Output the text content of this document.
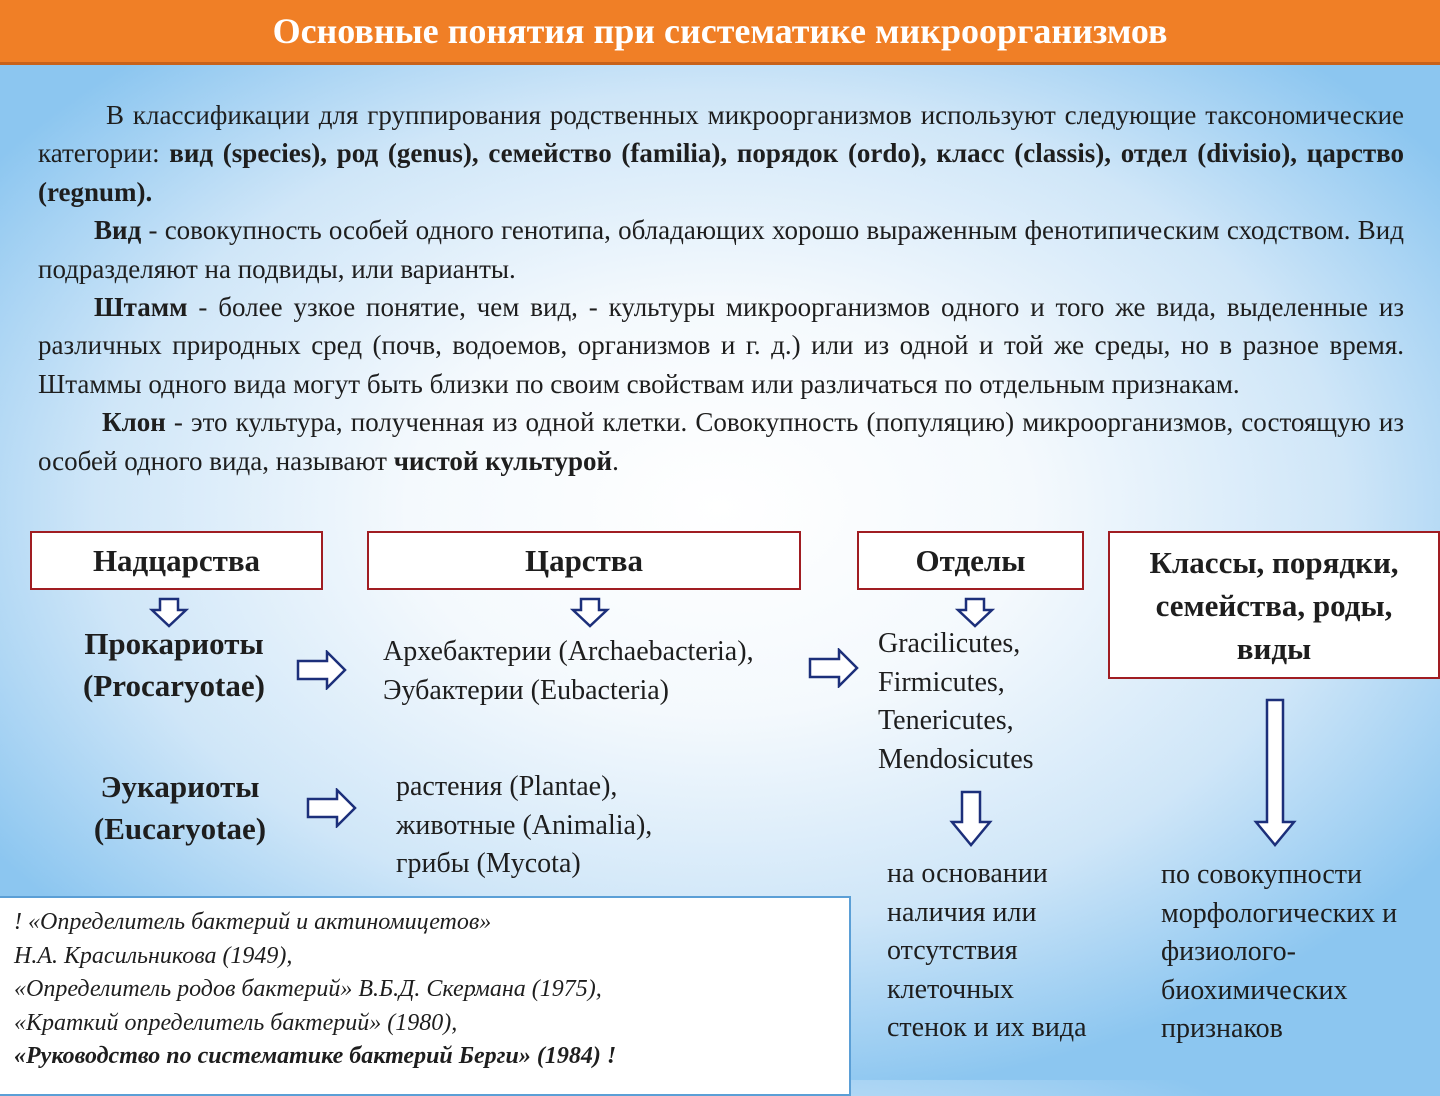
Основные понятия при систематике микроорганизмов

В классификации для группирования родственных микроорганизмов используют следующие таксономические категории: вид (species), род (genus), семейство (familia), порядок (ordo), класс (classis), отдел (divisio), царство (regnum).

Вид - совокупность особей одного генотипа, обладающих хорошо выраженным фенотипическим сходством. Вид подразделяют на подвиды, или варианты.

Штамм - более узкое понятие, чем вид, - культуры микроорганизмов одного и того же вида, выделенные из различных природных сред (почв, водоемов, организмов и г. д.) или из одной и той же среды, но в разное время. Штаммы одного вида могут быть близки по своим свойствам или различаться по отдельным признакам.

Клон - это культура, полученная из одной клетки. Совокупность (популяцию) микроорганизмов, состоящую из особей одного вида, называют чистой культурой.

Надцарства	Царства	Отделы	Классы, порядки, семейства, роды, виды
Прокариоты
(Procaryotae)
Архебактерии (Archaebacteria),
Эубактерии (Eubacteria)
Gracilicutes,
Firmicutes,
Tenericutes,
Mendosicutes
Эукариоты
(Eucaryotae)
растения (Plantae),
животные (Animalia),
грибы (Mycota)	на основании
наличия или
отсутствия
клеточных
стенок и их вида
по совокупности
морфологических и
физиолого-
биохимических
признаков
! «Определитель бактерий и актиномицетов»
Н.А. Красильникова (1949),
«Определитель родов бактерий» В.Б.Д. Скермана (1975),
«Краткий определитель бактерий» (1980),
«Руководство по систематике бактерий Берги» (1984) !
